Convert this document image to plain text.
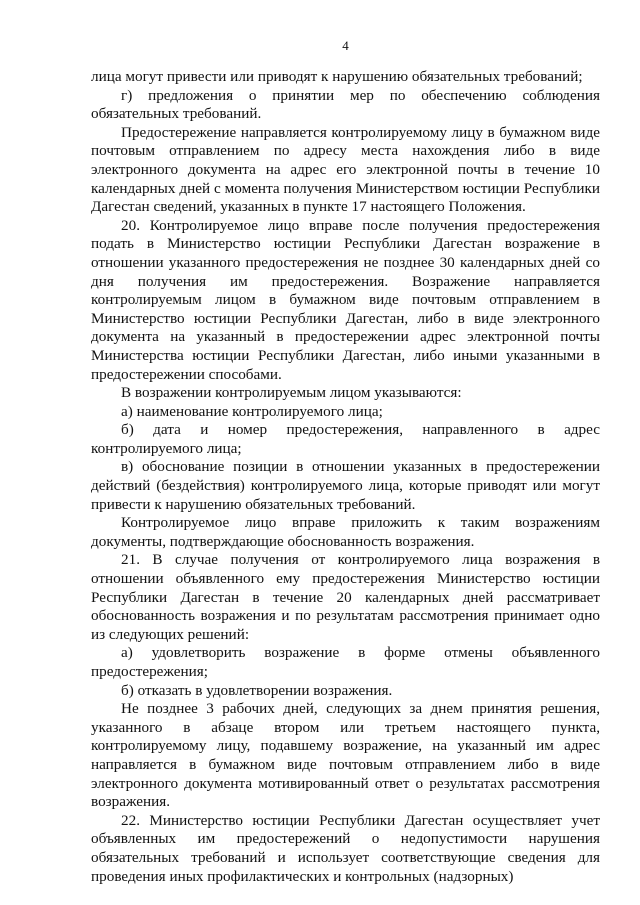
4

лица могут привести или приводят к нарушению обязательных требований;

г) предложения о принятии мер по обеспечению соблюдения обязательных требований.

Предостережение направляется контролируемому лицу в бумажном виде почтовым отправлением по адресу места нахождения либо в виде электронного документа на адрес его электронной почты в течение 10 календарных дней с момента получения Министерством юстиции Республики Дагестан сведений, указанных в пункте 17 настоящего Положения.

20. Контролируемое лицо вправе после получения предостережения подать в Министерство юстиции Республики Дагестан возражение в отношении указанного предостережения не позднее 30 календарных дней со дня получения им предостережения. Возражение направляется контролируемым лицом в бумажном виде почтовым отправлением в Министерство юстиции Республики Дагестан, либо в виде электронного документа на указанный в предостережении адрес электронной почты Министерства юстиции Республики Дагестан, либо иными указанными в предостережении способами.

В возражении контролируемым лицом указываются:

а) наименование контролируемого лица;

б) дата и номер предостережения, направленного в адрес контролируемого лица;

в) обоснование позиции в отношении указанных в предостережении действий (бездействия) контролируемого лица, которые приводят или могут привести к нарушению обязательных требований.

Контролируемое лицо вправе приложить к таким возражениям документы, подтверждающие обоснованность возражения.

21. В случае получения от контролируемого лица возражения в отношении объявленного ему предостережения Министерство юстиции Республики Дагестан в течение 20 календарных дней рассматривает обоснованность возражения и по результатам рассмотрения принимает одно из следующих решений:

а) удовлетворить возражение в форме отмены объявленного предостережения;

б) отказать в удовлетворении возражения.

Не позднее 3 рабочих дней, следующих за днем принятия решения, указанного в абзаце втором или третьем настоящего пункта, контролируемому лицу, подавшему возражение, на указанный им адрес направляется в бумажном виде почтовым отправлением либо в виде электронного документа мотивированный ответ о результатах рассмотрения возражения.

22. Министерство юстиции Республики Дагестан осуществляет учет объявленных им предостережений о недопустимости нарушения обязательных требований и использует соответствующие сведения для проведения иных профилактических и контрольных (надзорных)
